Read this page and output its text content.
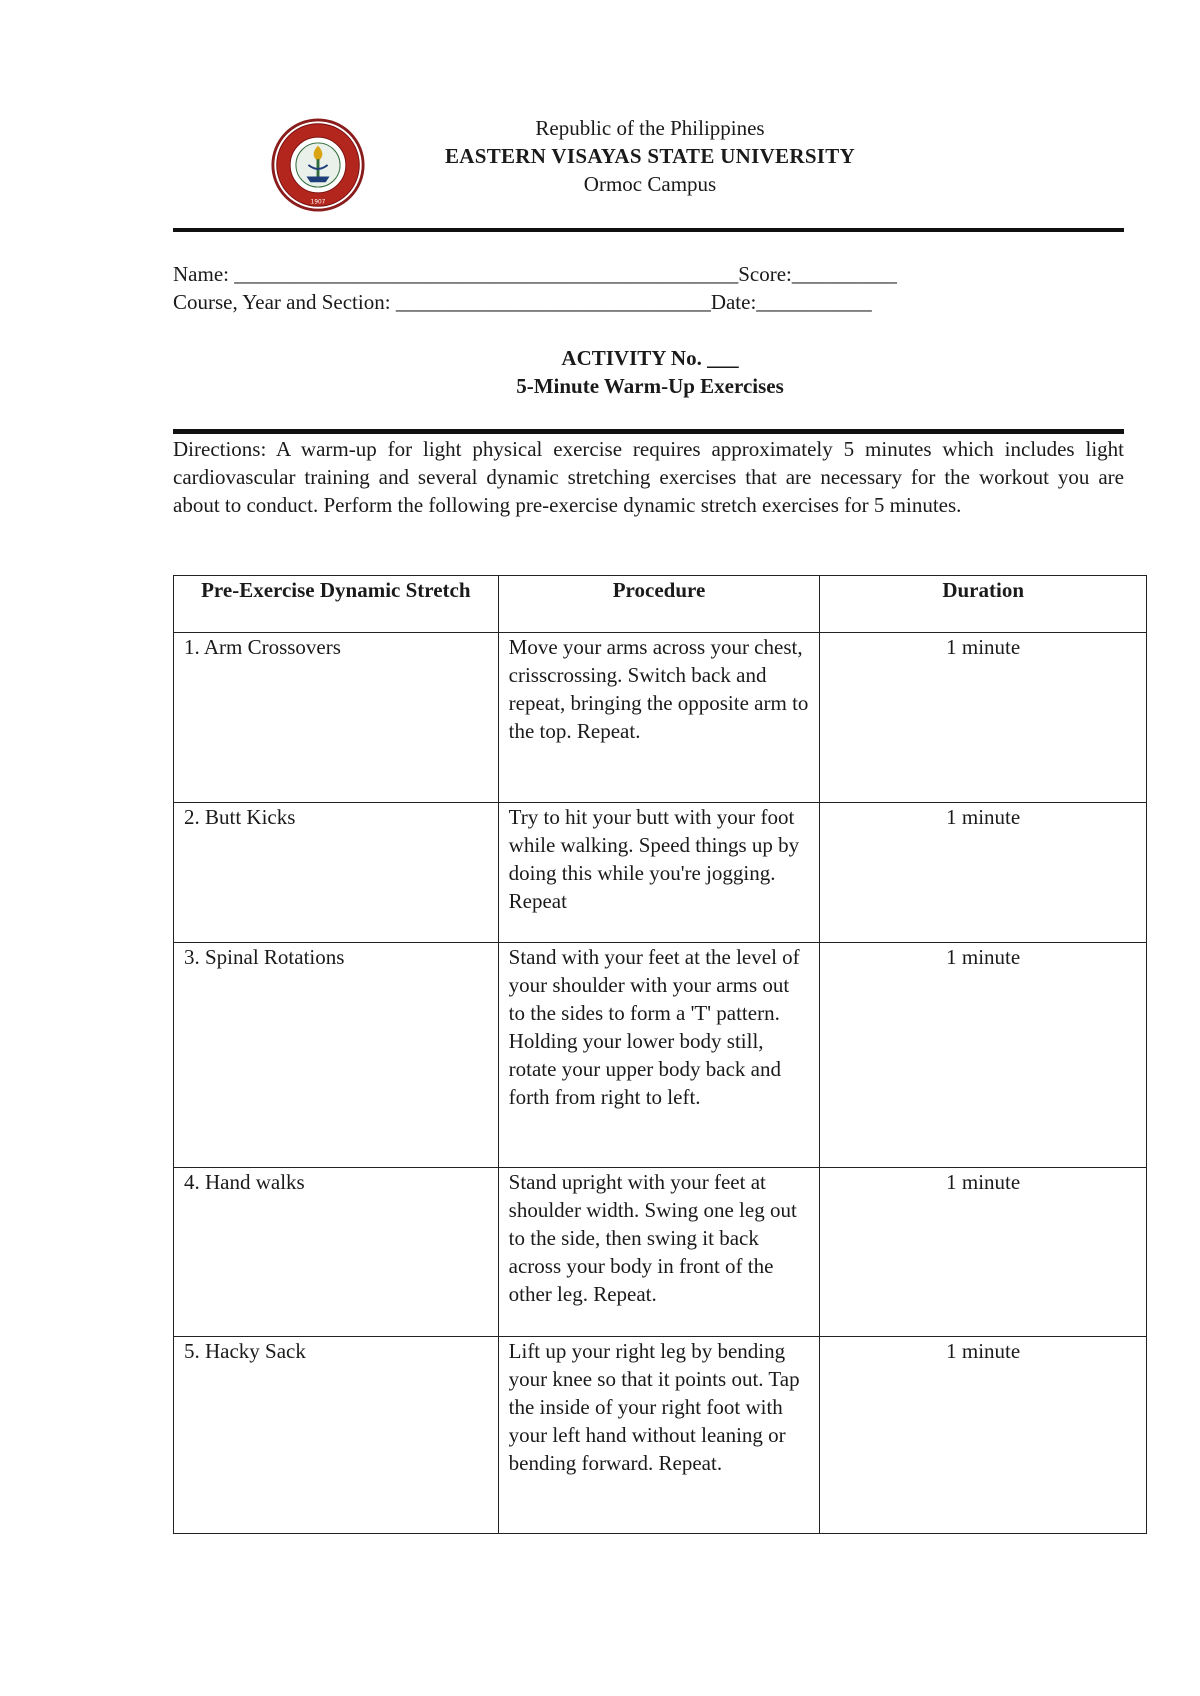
1907
Republic of the Philippines
EASTERN VISAYAS STATE UNIVERSITY
Ormoc Campus
Name: ________________________________________________Score:__________
Course, Year and Section: ______________________________Date:___________
ACTIVITY No. ___
5-Minute Warm-Up Exercises
Directions: A warm-up for light physical exercise requires approximately 5 minutes which includes light cardiovascular training and several dynamic stretching exercises that are necessary for the workout you are about to conduct. Perform the following pre-exercise dynamic stretch exercises for 5 minutes.
Pre-Exercise Dynamic Stretch	Procedure	Duration
1. Arm Crossovers	Move your arms across your chest, crisscrossing. Switch back and repeat, bringing the opposite arm to the top. Repeat.	1 minute
2. Butt Kicks	Try to hit your butt with your foot while walking. Speed things up by doing this while you're jogging. Repeat	1 minute
3. Spinal Rotations	Stand with your feet at the level of your shoulder with your arms out to the sides to form a 'T' pattern. Holding your lower body still, rotate your upper body back and forth from right to left.	1 minute
4. Hand walks	Stand upright with your feet at shoulder width. Swing one leg out to the side, then swing it back across your body in front of the other leg. Repeat.	1 minute
5. Hacky Sack	Lift up your right leg by bending your knee so that it points out. Tap the inside of your right foot with your left hand without leaning or bending forward. Repeat.	1 minute
